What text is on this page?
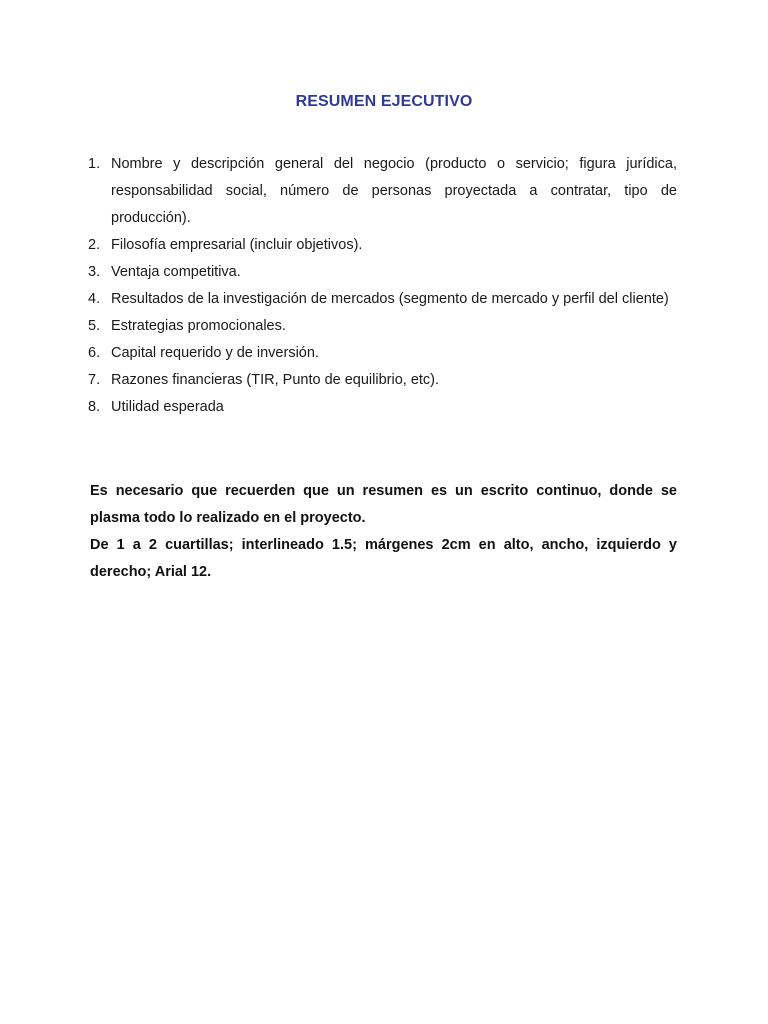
RESUMEN EJECUTIVO
1. Nombre y descripción general del negocio (producto o servicio; figura jurídica, responsabilidad social, número de personas proyectada a contratar, tipo de producción).
2. Filosofía empresarial (incluir objetivos).
3. Ventaja competitiva.
4. Resultados de la investigación de mercados (segmento de mercado y perfil del cliente)
5. Estrategias promocionales.
6. Capital requerido y de inversión.
7. Razones financieras (TIR, Punto de equilibrio, etc).
8. Utilidad esperada

Es necesario que recuerden que un resumen es un escrito continuo, donde se plasma todo lo realizado en el proyecto.

De 1 a 2 cuartillas; interlineado 1.5; márgenes 2cm en alto, ancho, izquierdo y derecho; Arial 12.
